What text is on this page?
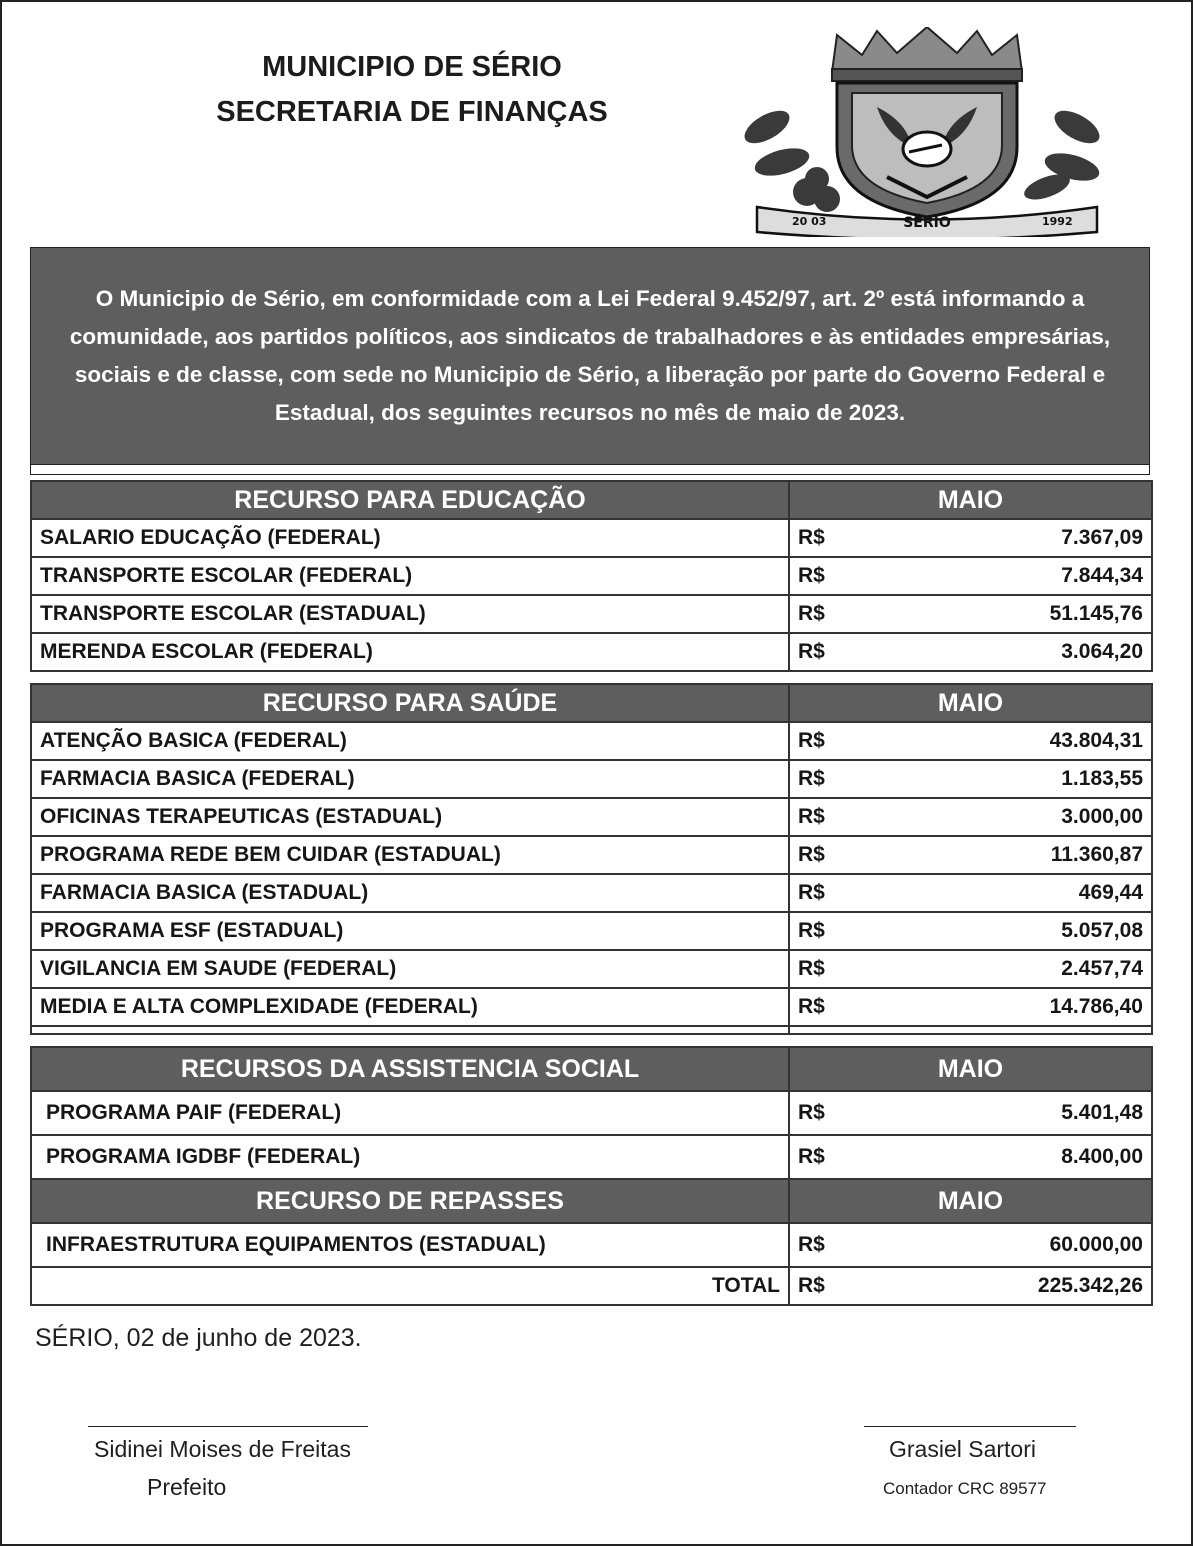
MUNICIPIO DE SÉRIO
SECRETARIA DE FINANÇAS
20 03	SÉRIO	1992
O Municipio de Sério, em conformidade com a Lei Federal 9.452/97, art. 2º está informando a comunidade, aos partidos políticos, aos sindicatos de trabalhadores e às entidades empresárias, sociais e de classe, com sede no Municipio de Sério, a liberação por parte do Governo Federal e Estadual, dos seguintes recursos no mês de maio de 2023.
RECURSO PARA EDUCAÇÃO	MAIO	
SALARIO EDUCAÇÃO (FEDERAL)	R$	7.367,09
TRANSPORTE ESCOLAR (FEDERAL)	R$	7.844,34
TRANSPORTE ESCOLAR (ESTADUAL)	R$	51.145,76
MERENDA ESCOLAR (FEDERAL)	R$	3.064,20
RECURSO PARA SAÚDE	MAIO	
ATENÇÃO BASICA (FEDERAL)	R$	43.804,31
FARMACIA BASICA (FEDERAL)	R$	1.183,55
OFICINAS TERAPEUTICAS (ESTADUAL)	R$	3.000,00
PROGRAMA REDE BEM CUIDAR (ESTADUAL)	R$	11.360,87
FARMACIA BASICA (ESTADUAL)	R$	469,44
PROGRAMA ESF (ESTADUAL)	R$	5.057,08
VIGILANCIA EM SAUDE (FEDERAL)	R$	2.457,74
MEDIA E ALTA COMPLEXIDADE (FEDERAL)	R$	14.786,40

RECURSOS DA ASSISTENCIA SOCIAL	MAIO	
PROGRAMA PAIF (FEDERAL)	R$	5.401,48
PROGRAMA IGDBF (FEDERAL)	R$	8.400,00
RECURSO DE REPASSES	MAIO	
INFRAESTRUTURA EQUIPAMENTOS (ESTADUAL)	R$	60.000,00
TOTAL	R$	225.342,26
SÉRIO, 02 de junho de 2023.
Sidinei Moises de Freitas
Prefeito
Grasiel Sartori
Contador CRC 89577
